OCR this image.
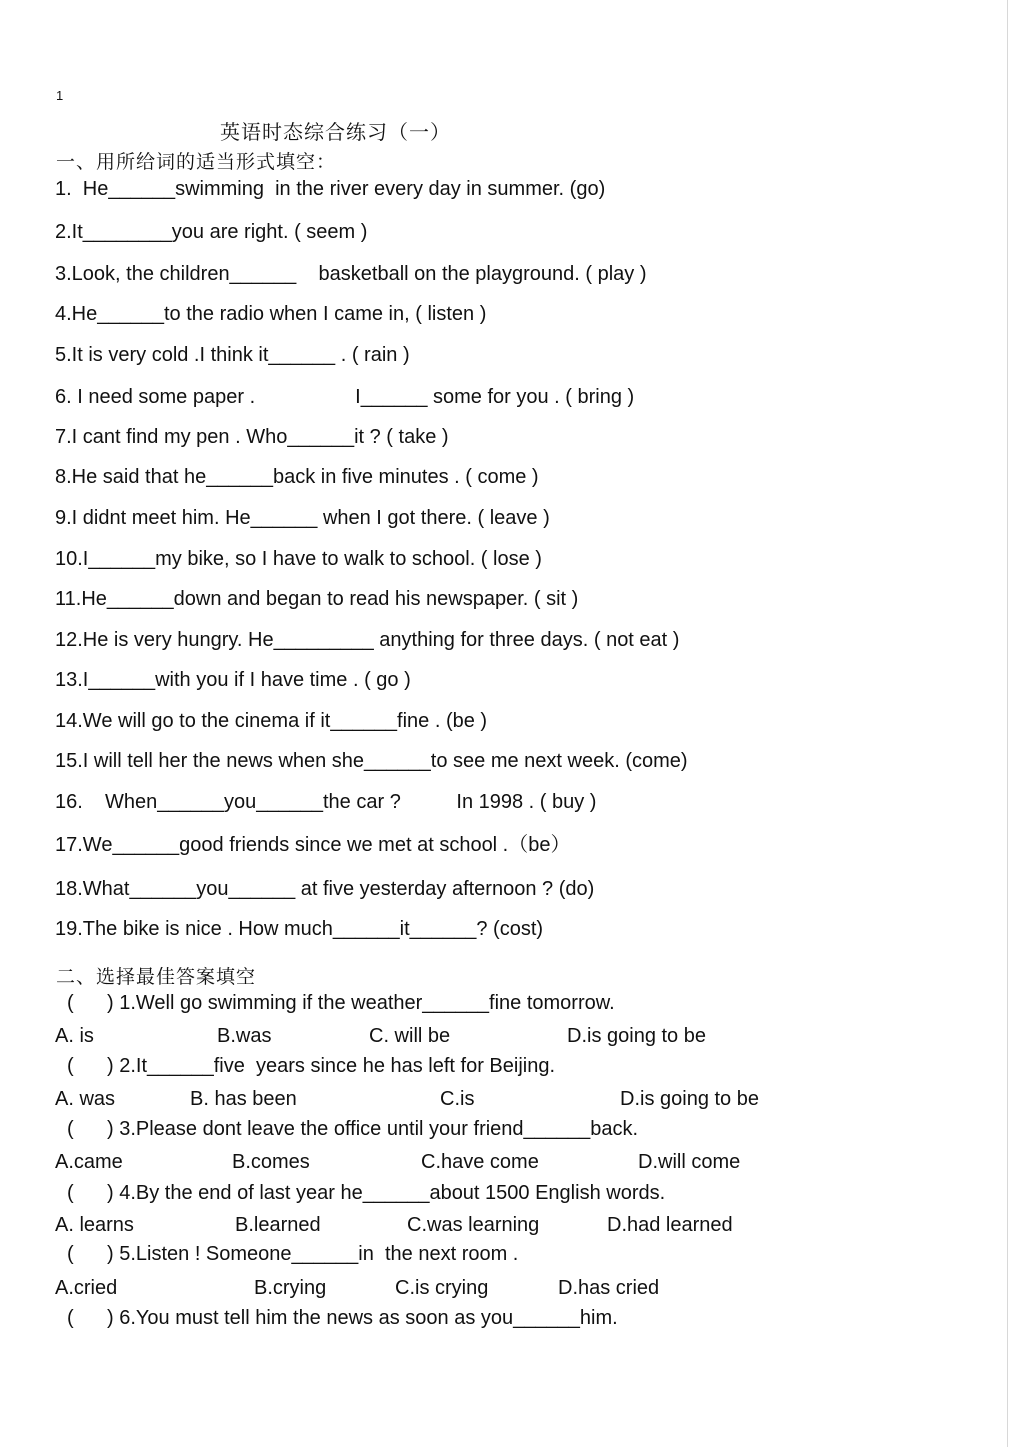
1
英语时态综合练习（一）
一、用所给词的适当形式填空：
1.  He______swimming  in the river every day in summer. (go)
2.It________you are right. ( seem )
3.Look, the children______    basketball on the playground. ( play )
4.He______to the radio when I came in, ( listen )
5.It is very cold .I think it______ . ( rain )
6. I need some paper .                  I______ some for you . ( bring )
7.I cant find my pen . Who______it ? ( take )
8.He said that he______back in five minutes . ( come )
9.I didnt meet him. He______ when I got there. ( leave )
10.I______my bike, so I have to walk to school. ( lose )
11.He______down and began to read his newspaper. ( sit )
12.He is very hungry. He_________ anything for three days. ( not eat )
13.I______with you if I have time . ( go )
14.We will go to the cinema if it______fine . (be )
15.I will tell her the news when she______to see me next week. (come)
16.    When______you______the car ?          In 1998 . ( buy )
17.We______good friends since we met at school .（be）
18.What______you______ at five yesterday afternoon ? (do)
19.The bike is nice . How much______it______? (cost)
二、选择最佳答案填空
(      ) 1.Well go swimming if the weather______fine tomorrow.
A. is	B.was	C. will be	D.is going to be
(      ) 2.It______five  years since he has left for Beijing.
A. was	B. has been	C.is	D.is going to be
(      ) 3.Please dont leave the office until your friend______back.
A.came	B.comes	C.have come	D.will come
(      ) 4.By the end of last year he______about 1500 English words.
A. learns	B.learned	C.was learning	D.had learned
(      ) 5.Listen ! Someone______in  the next room .
A.cried	B.crying	C.is crying	D.has cried
(      ) 6.You must tell him the news as soon as you______him.
